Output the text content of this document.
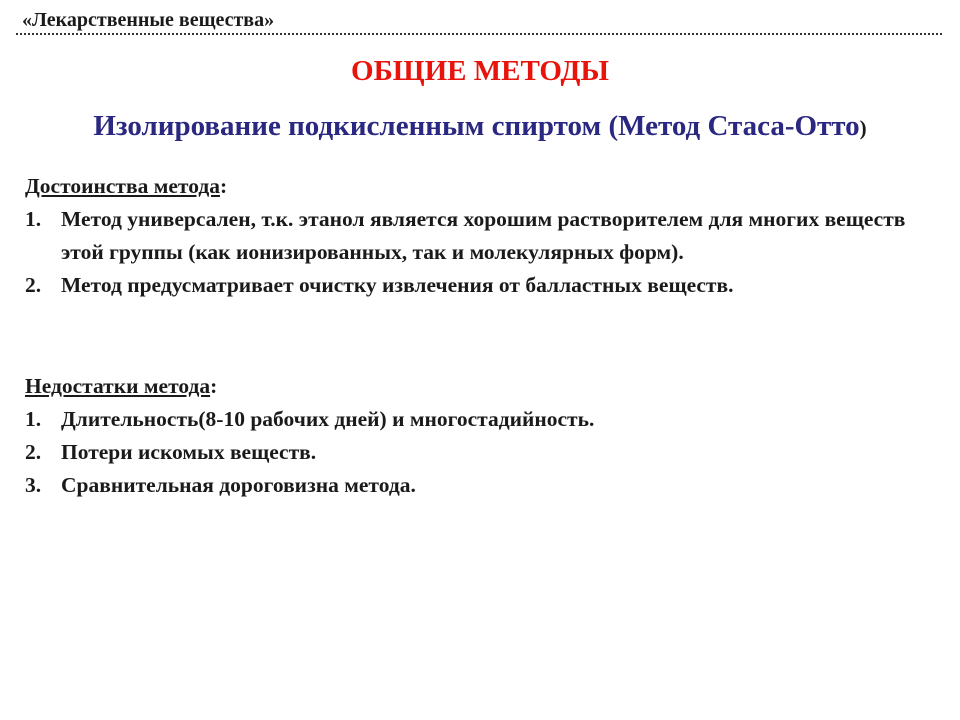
«Лекарственные вещества»
ОБЩИЕ МЕТОДЫ
Изолирование подкисленным спиртом (Метод Стаса-Отто)
Достоинства метода:
1. Метод универсален, т.к. этанол является хорошим растворителем для многих веществ этой группы (как ионизированных, так и молекулярных форм).
2. Метод предусматривает очистку извлечения от балластных веществ.
Недостатки метода:
1. Длительность(8-10 рабочих дней) и многостадийность.
2. Потери искомых веществ.
3. Сравнительная дороговизна метода.
